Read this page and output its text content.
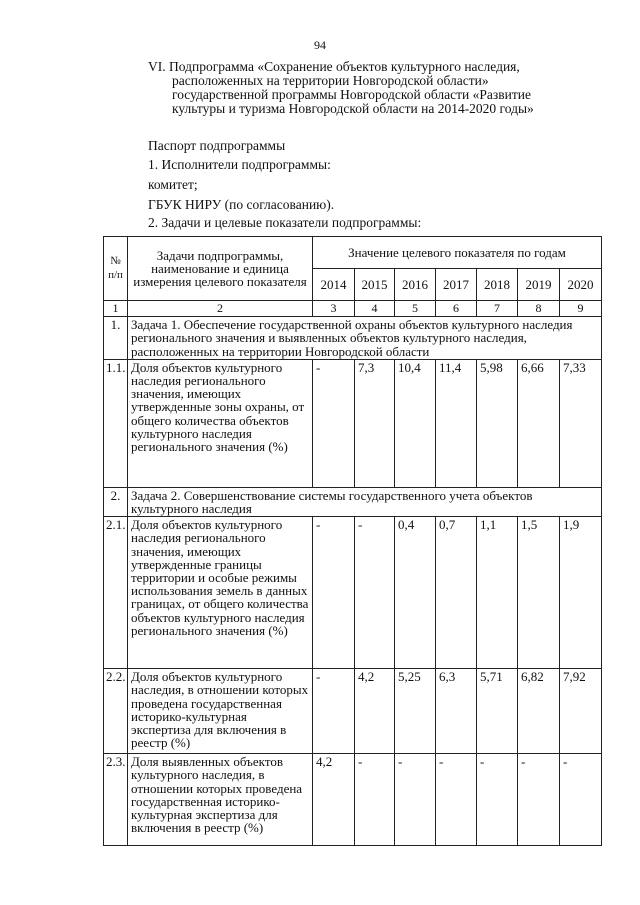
94
VI. Подпрограмма «Сохранение объектов культурного наследия,
расположенных на территории Новгородской области»
государственной программы Новгородской области «Развитие
культуры и туризма Новгородской области на 2014-2020 годы»
Паспорт подпрограммы
1. Исполнители подпрограммы:
комитет;
ГБУК НИРУ (по согласованию).
2. Задачи и целевые показатели подпрограммы:
№ п/п	Задачи подпрограммы, наименование и единица измерения целевого показателя	Значение целевого показателя по годам						
		2014	2015	2016	2017	2018	2019	2020
1	2	3	4	5	6	7	8	9
1.	Задача 1. Обеспечение государственной охраны объектов культурного наследия регионального значения и выявленных объектов культурного наследия, расположенных на территории Новгородской области							
1.1.	Доля объектов культурного наследия регионального значения, имеющих утвержденные зоны охраны, от общего количества объектов культурного наследия регионального значения (%)	-	7,3	10,4	11,4	5,98	6,66	7,33
2.	Задача 2. Совершенствование системы государственного учета объектов культурного наследия							
2.1.	Доля объектов культурного наследия регионального значения, имеющих утвержденные границы территории и особые режимы использования земель в данных границах, от общего количества объектов культурного наследия регионального значения (%)	-	-	0,4	0,7	1,1	1,5	1,9
2.2.	Доля объектов культурного наследия, в отношении которых проведена государственная историко-культурная экспертиза для включения в реестр (%)	-	4,2	5,25	6,3	5,71	6,82	7,92
2.3.	Доля выявленных объектов культурного наследия, в отношении которых проведена государственная историко-культурная экспертиза для включения в реестр (%)	4,2	-	-	-	-	-	-
